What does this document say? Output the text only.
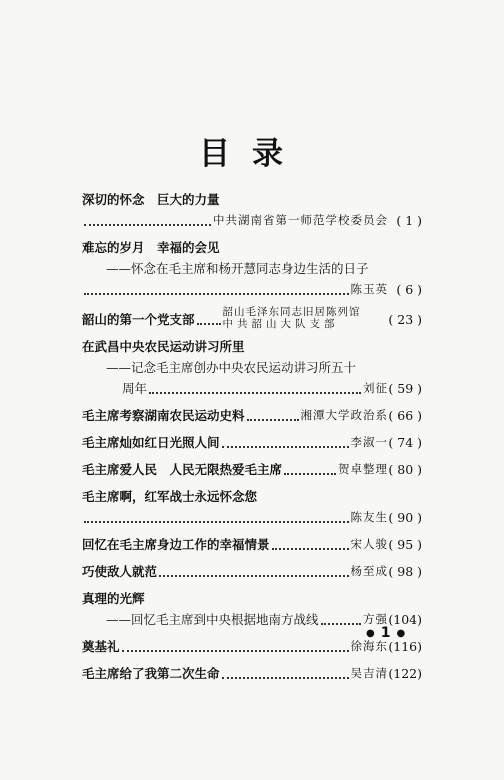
目录
深切的怀念　巨大的力量
中共湖南省第一师范学校委员会 ( 1 )
难忘的岁月　幸福的会见
——怀念在毛主席和杨开慧同志身边生活的日子
陈玉英 ( 6 )
韶山的第一个党支部	韶山毛泽东同志旧居陈列馆
中共韶山大队支部	( 23 )
在武昌中央农民运动讲习所里
——记念毛主席创办中央农民运动讲习所五十
周年	刘征 ( 59 )
毛主席考察湖南农民运动史料	湘潭大学政治系 ( 66 )
毛主席灿如红日光照人间	李淑一 ( 74 )
毛主席爱人民　人民无限热爱毛主席	贺卓整理 ( 80 )
毛主席啊，红军战士永远怀念您
陈友生 ( 90 )
回忆在毛主席身边工作的幸福情景	宋人骏 ( 95 )
巧使敌人就范	杨至成 ( 98 )
真理的光辉
——回忆毛主席到中央根据地南方战线	方强 (104)
奠基礼	徐海东 (116)
毛主席给了我第二次生命	吴吉清 (122)
● 1 ●
